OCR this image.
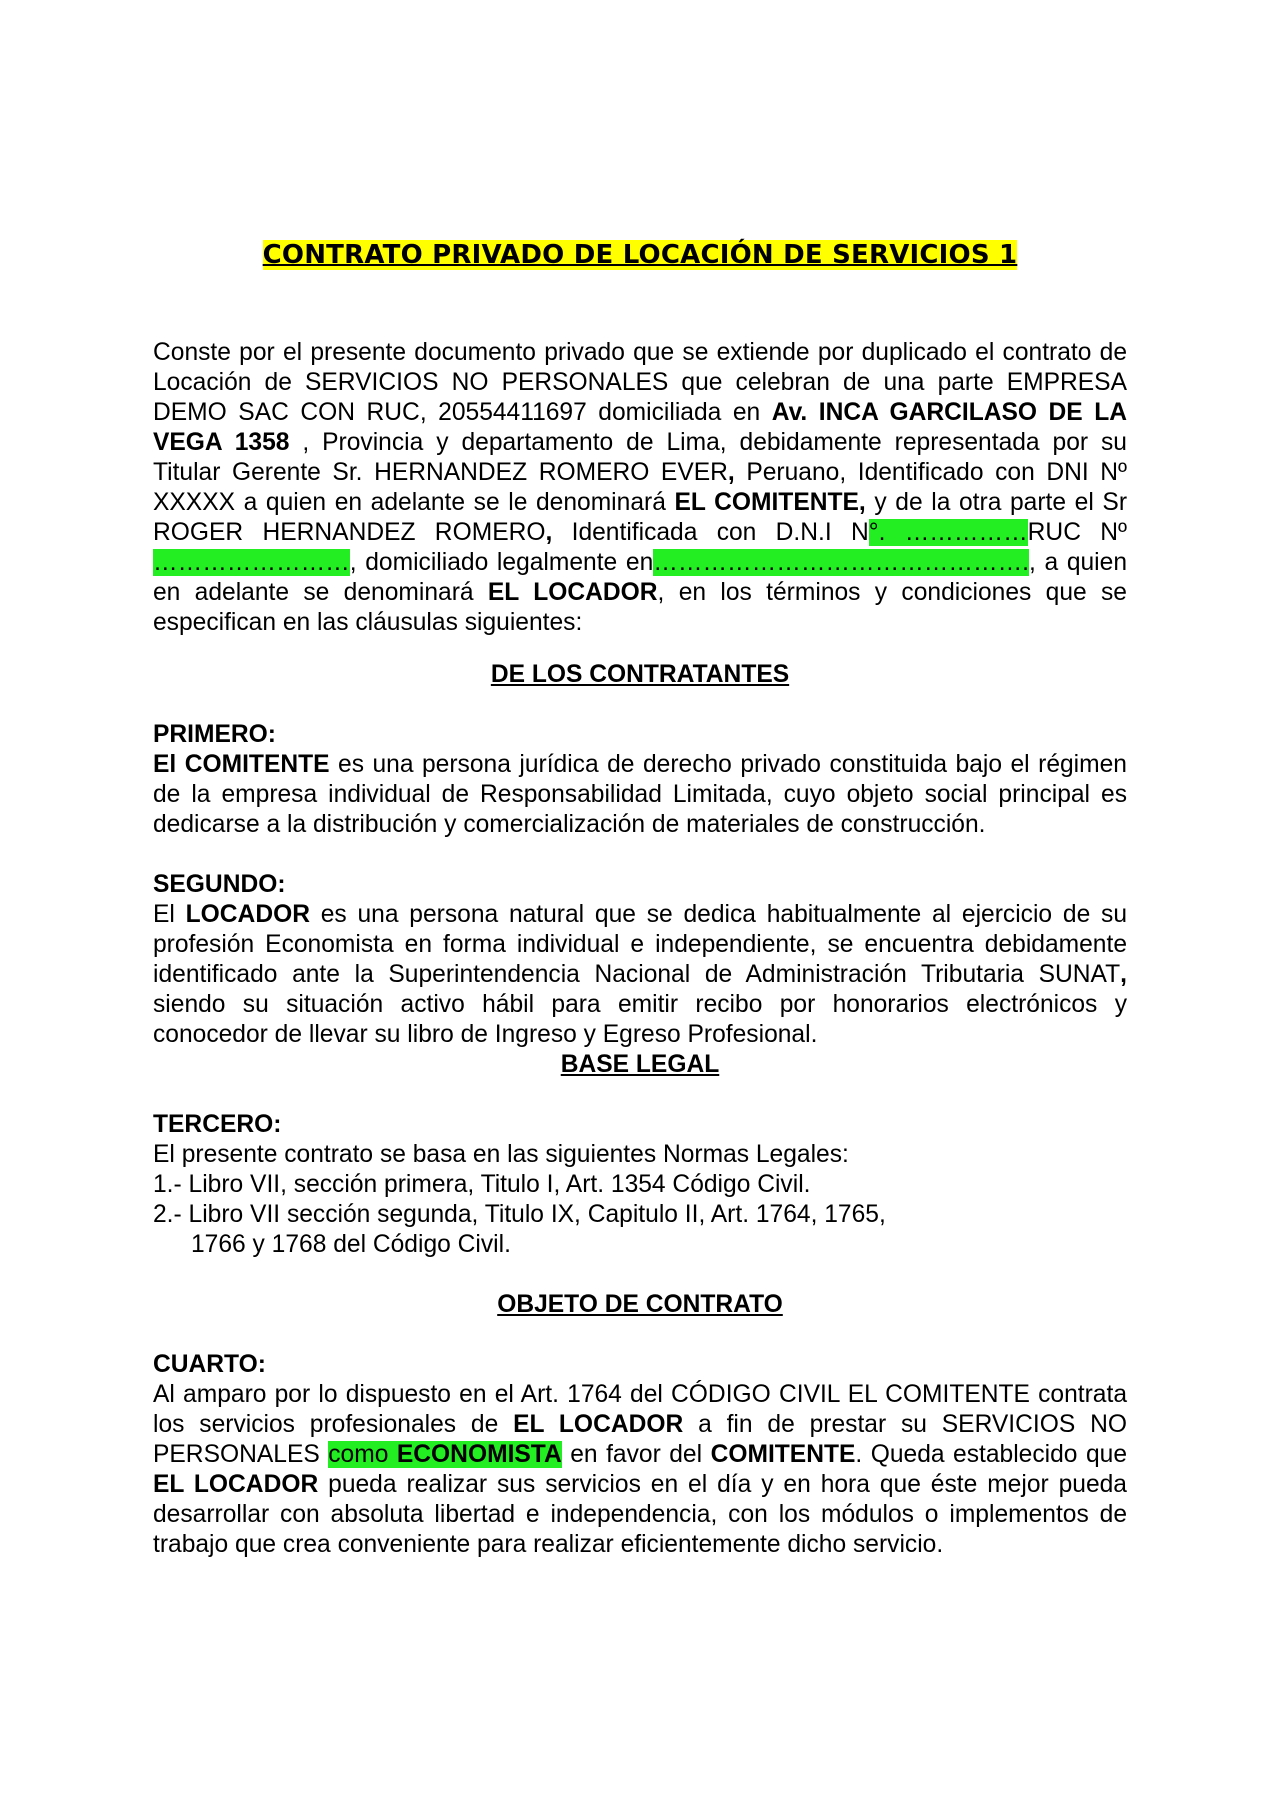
CONTRATO PRIVADO DE LOCACIÓN DE SERVICIOS 1

Conste por el presente documento privado que se extiende por duplicado el contrato de Locación de SERVICIOS NO PERSONALES que celebran de una parte EMPRESA DEMO SAC CON RUC, 20554411697 domiciliada en Av. INCA GARCILASO DE LA VEGA 1358 , Provincia y departamento de Lima, debidamente representada por su Titular Gerente Sr. HERNANDEZ ROMERO EVER, Peruano, Identificado con DNI Nº XXXXX a quien en adelante se le denominará EL COMITENTE, y de la otra parte el Sr ROGER HERNANDEZ ROMERO, Identificada con D.N.I N°. ……………RUC Nº ……………………, domiciliado legalmente en………………………………………., a quien en adelante se denominará EL LOCADOR, en los términos y condiciones que se especifican en las cláusulas siguientes:

DE LOS CONTRATANTES

PRIMERO:

El COMITENTE es una persona jurídica de derecho privado constituida bajo el régimen de la empresa individual de Responsabilidad Limitada, cuyo objeto social principal es dedicarse a la distribución y comercialización de materiales de construcción.

SEGUNDO:

El LOCADOR es una persona natural que se dedica habitualmente al ejercicio de su profesión Economista en forma individual e independiente, se encuentra debidamente identificado ante la Superintendencia Nacional de Administración Tributaria SUNAT, siendo su situación activo hábil para emitir recibo por honorarios electrónicos y conocedor de llevar su libro de Ingreso y Egreso Profesional.

BASE LEGAL

TERCERO:

El presente contrato se basa en las siguientes Normas Legales:

1.- Libro VII, sección primera, Titulo I, Art. 1354 Código Civil.

2.- Libro VII sección segunda, Titulo IX, Capitulo II, Art. 1764, 1765,

1766 y 1768 del Código Civil.

OBJETO DE CONTRATO

CUARTO:

Al amparo por lo dispuesto en el Art. 1764 del CÓDIGO CIVIL EL COMITENTE contrata los servicios profesionales de EL LOCADOR a fin de prestar su SERVICIOS NO PERSONALES como ECONOMISTA en favor del COMITENTE. Queda establecido que EL LOCADOR pueda realizar sus servicios en el día y en hora que éste mejor pueda desarrollar con absoluta libertad e independencia, con los módulos o implementos de trabajo que crea conveniente para realizar eficientemente dicho servicio.
